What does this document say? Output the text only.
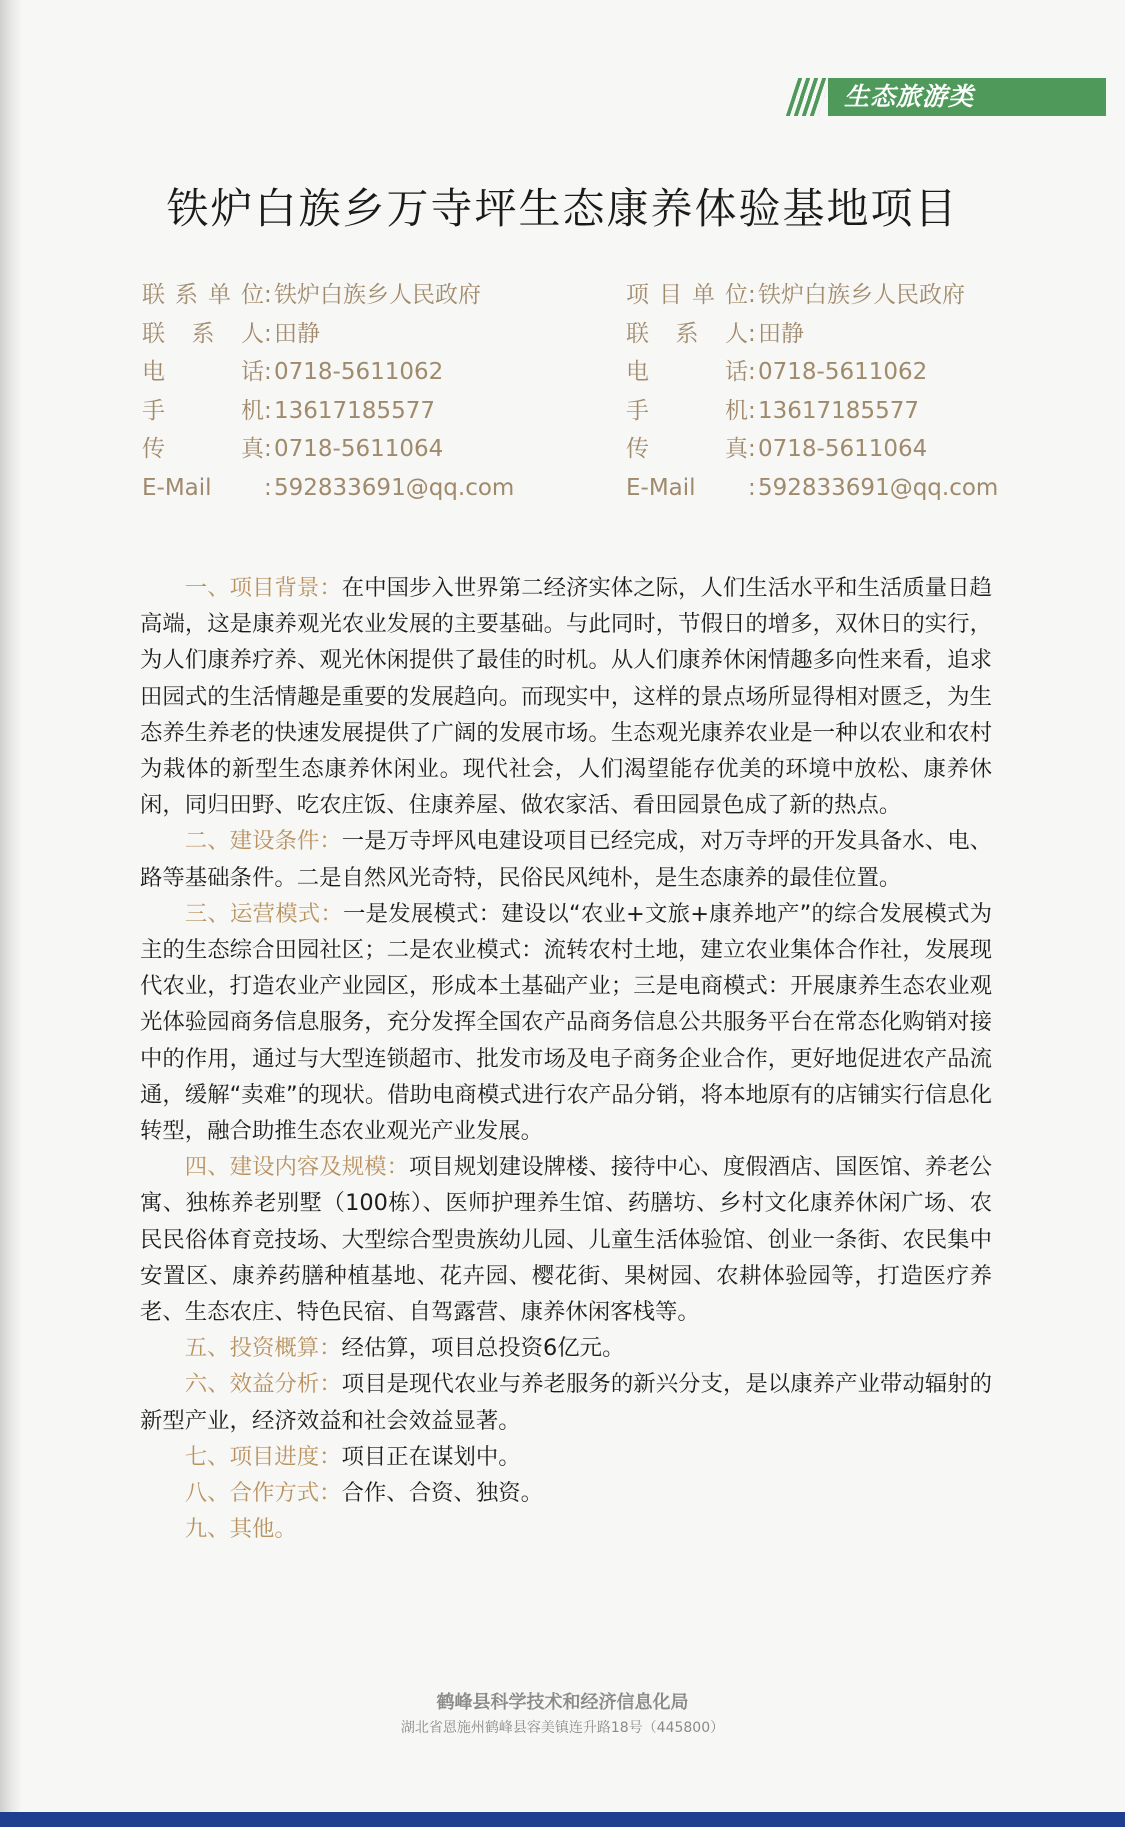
生态旅游类
铁炉白族乡万寺坪生态康养体验基地项目
联系单位:铁炉白族乡人民政府
联系人:田静
电话:0718-5611062
手机:13617185577
传真:0718-5611064
E-Mail :592833691@qq.com
项目单位:铁炉白族乡人民政府
联系人:田静
电话:0718-5611062
手机:13617185577
传真:0718-5611064
E-Mail :592833691@qq.com

一、项目背景：在中国步入世界第二经济实体之际，人们生活水平和生活质量日趋高端，这是康养观光农业发展的主要基础。与此同时，节假日的增多，双休日的实行，为人们康养疗养、观光休闲提供了最佳的时机。从人们康养休闲情趣多向性来看，追求田园式的生活情趣是重要的发展趋向。而现实中，这样的景点场所显得相对匮乏，为生态养生养老的快速发展提供了广阔的发展市场。生态观光康养农业是一种以农业和农村为栽体的新型生态康养休闲业。现代社会，人们渴望能存优美的环境中放松、康养休闲，同归田野、吃农庄饭、住康养屋、做农家活、看田园景色成了新的热点。

二、建设条件：一是万寺坪风电建设项目已经完成，对万寺坪的开发具备水、电、路等基础条件。二是自然风光奇特，民俗民风纯朴，是生态康养的最佳位置。

三、运营模式：一是发展模式：建设以“农业+文旅+康养地产”的综合发展模式为主的生态综合田园社区；二是农业模式：流转农村土地，建立农业集体合作社，发展现代农业，打造农业产业园区，形成本土基础产业；三是电商模式：开展康养生态农业观光体验园商务信息服务，充分发挥全国农产品商务信息公共服务平台在常态化购销对接中的作用，通过与大型连锁超市、批发市场及电子商务企业合作，更好地促进农产品流通，缓解“卖难”的现状。借助电商模式进行农产品分销，将本地原有的店铺实行信息化转型，融合助推生态农业观光产业发展。

四、建设内容及规模：项目规划建设牌楼、接待中心、度假酒店、国医馆、养老公寓、独栋养老别墅（100栋）、医师护理养生馆、药膳坊、乡村文化康养休闲广场、农民民俗体育竞技场、大型综合型贵族幼儿园、儿童生活体验馆、创业一条街、农民集中安置区、康养药膳种植基地、花卉园、樱花街、果树园、农耕体验园等，打造医疗养老、生态农庄、特色民宿、自驾露营、康养休闲客栈等。

五、投资概算：经估算，项目总投资6亿元。

六、效益分析：项目是现代农业与养老服务的新兴分支，是以康养产业带动辐射的新型产业，经济效益和社会效益显著。

七、项目进度：项目正在谋划中。

八、合作方式：合作、合资、独资。

九、其他。

鹤峰县科学技术和经济信息化局
湖北省恩施州鹤峰县容美镇连升路18号（445800）
